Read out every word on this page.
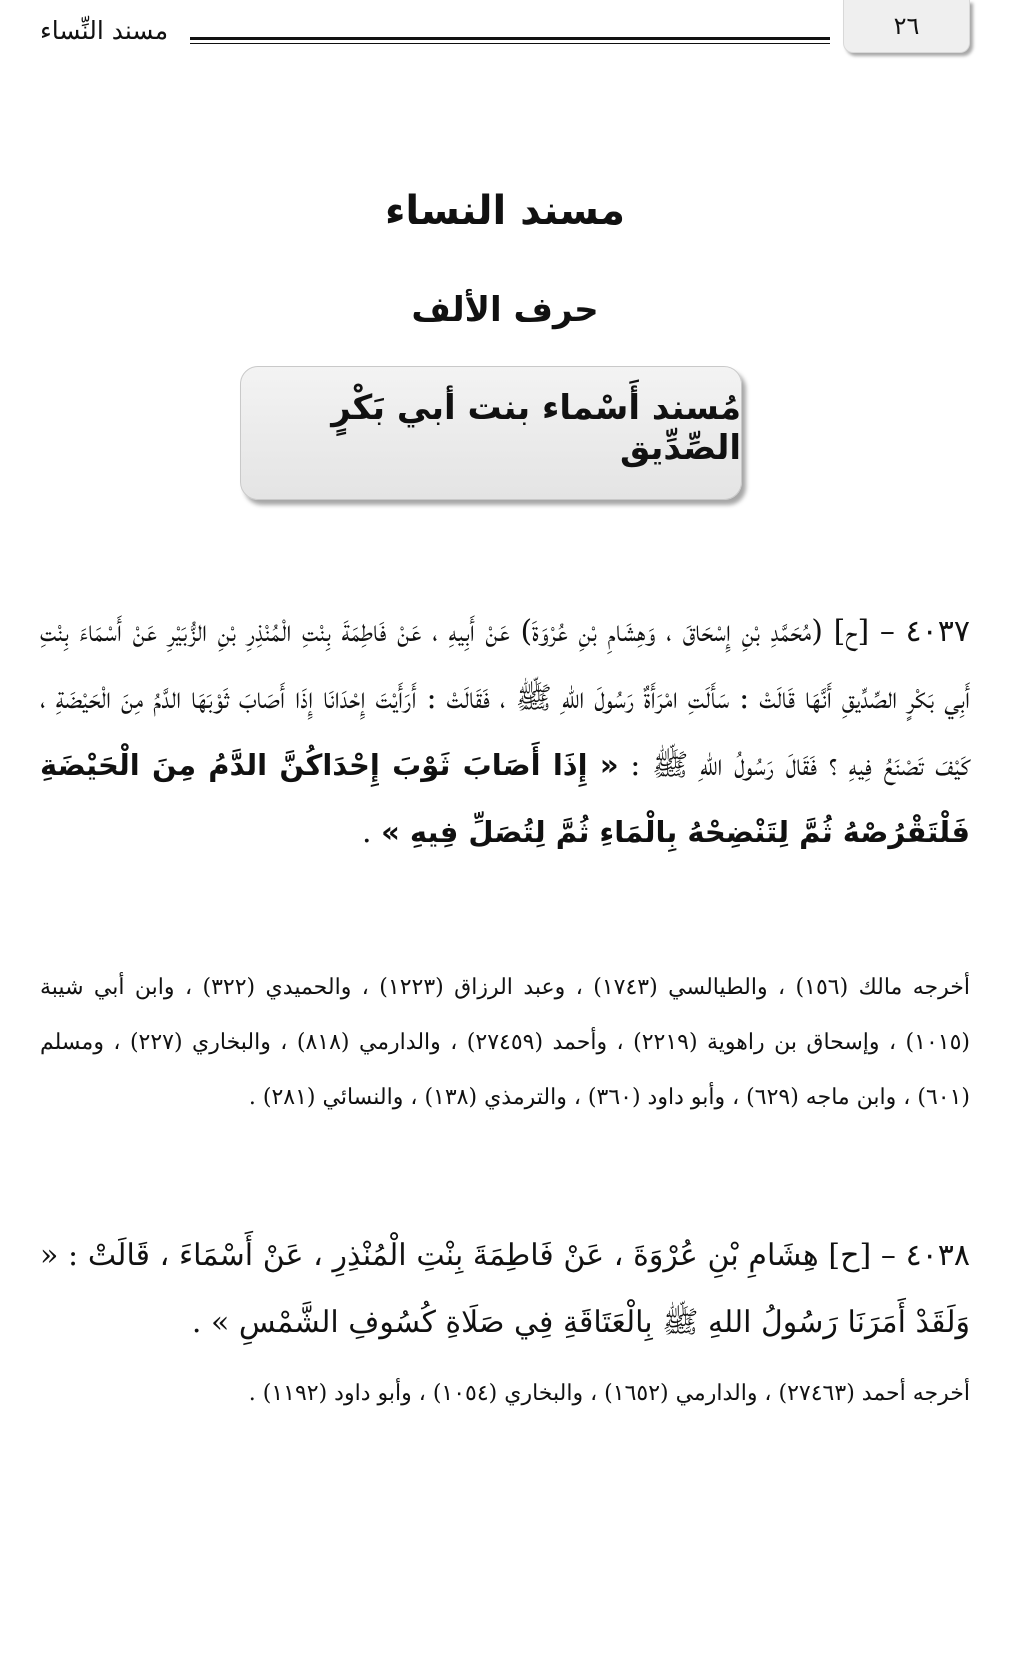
٢٦
مسند النِّساء
مسند النساء
حرف الألف
مُسند أَسْماء بنت أبي بَكْرٍ الصِّدِّيق

٤٠٣٧ – [ح] (مُحَمَّدِ بْنِ إِسْحَاقَ ، وَهِشَامِ بْنِ عُرْوَةَ) عَنْ أَبِيهِ ، عَنْ فَاطِمَةَ بِنْتِ الْمُنْذِرِ بْنِ الزُّبَيْرِ عَنْ أَسْمَاءَ بِنْتِ أَبِي بَكْرٍ الصِّدِّيقِ أَنَّهَا قَالَتْ : سَأَلَتِ امْرَأَةٌ رَسُولَ اللهِ ﷺ ، فَقَالَتْ : أَرَأَيْتَ إِحْدَانَا إِذَا أَصَابَ ثَوْبَهَا الدَّمُ مِنَ الْحَيْضَةِ ، كَيْفَ تَصْنَعُ فِيهِ ؟ فَقَالَ رَسُولُ اللهِ ﷺ : « إِذَا أَصَابَ ثَوْبَ إِحْدَاكُنَّ الدَّمُ مِنَ الْحَيْضَةِ فَلْتَقْرُصْهُ ثُمَّ لِتَنْضِحْهُ بِالْمَاءِ ثُمَّ لِتُصَلِّ فِيهِ » .

أخرجه مالك (١٥٦) ، والطيالسي (١٧٤٣) ، وعبد الرزاق (١٢٢٣) ، والحميدي (٣٢٢) ، وابن أبي شيبة (١٠١٥) ، وإسحاق بن راهوية (٢٢١٩) ، وأحمد (٢٧٤٥٩) ، والدارمي (٨١٨) ، والبخاري (٢٢٧) ، ومسلم (٦٠١) ، وابن ماجه (٦٢٩) ، وأبو داود (٣٦٠) ، والترمذي (١٣٨) ، والنسائي (٢٨١) .

٤٠٣٨ – [ح] هِشَامِ بْنِ عُرْوَةَ ، عَنْ فَاطِمَةَ بِنْتِ الْمُنْذِرِ ، عَنْ أَسْمَاءَ ، قَالَتْ : « وَلَقَدْ أَمَرَنَا رَسُولُ اللهِ ﷺ بِالْعَتَاقَةِ فِي صَلَاةِ كُسُوفِ الشَّمْسِ » .

أخرجه أحمد (٢٧٤٦٣) ، والدارمي (١٦٥٢) ، والبخاري (١٠٥٤) ، وأبو داود (١١٩٢) .
